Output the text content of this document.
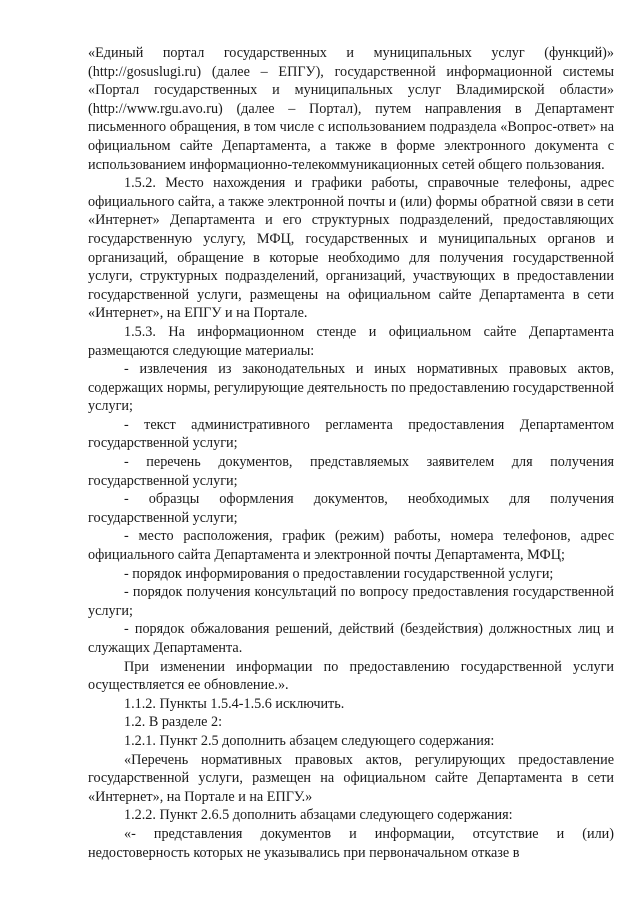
«Единый портал государственных и муниципальных услуг (функций)» (http://gosuslugi.ru) (далее – ЕПГУ), государственной информационной системы «Портал государственных и муниципальных услуг Владимирской области» (http://www.rgu.avo.ru) (далее – Портал), путем направления в Департамент письменного обращения, в том числе с использованием подраздела «Вопрос-ответ» на официальном сайте Департамента, а также в форме электронного документа с использованием информационно-телекоммуникационных сетей общего пользования.

1.5.2. Место нахождения и графики работы, справочные телефоны, адрес официального сайта, а также электронной почты и (или) формы обратной связи в сети «Интернет» Департамента и его структурных подразделений, предоставляющих государственную услугу, МФЦ, государственных и муниципальных органов и организаций, обращение в которые необходимо для получения государственной услуги, структурных подразделений, организаций, участвующих в предоставлении государственной услуги, размещены на официальном сайте Департамента в сети «Интернет», на ЕПГУ и на Портале.

1.5.3. На информационном стенде и официальном сайте Департамента размещаются следующие материалы:

- извлечения из законодательных и иных нормативных правовых актов, содержащих нормы, регулирующие деятельность по предоставлению государственной услуги;

- текст административного регламента предоставления Департаментом государственной услуги;

- перечень документов, представляемых заявителем для получения государственной услуги;

- образцы оформления документов, необходимых для получения государственной услуги;

- место расположения, график (режим) работы, номера телефонов, адрес официального сайта Департамента и электронной почты Департамента, МФЦ;

- порядок информирования о предоставлении государственной услуги;

- порядок получения консультаций по вопросу предоставления государственной услуги;

- порядок обжалования решений, действий (бездействия) должностных лиц и служащих Департамента.

При изменении информации по предоставлению государственной услуги осуществляется ее обновление.».

1.1.2. Пункты 1.5.4-1.5.6 исключить.

1.2. В разделе 2:

1.2.1. Пункт 2.5 дополнить абзацем следующего содержания:

«Перечень нормативных правовых актов, регулирующих предоставление государственной услуги, размещен на официальном сайте Департамента в сети «Интернет», на Портале и на ЕПГУ.»

1.2.2. Пункт 2.6.5 дополнить абзацами следующего содержания:

«- представления документов и информации, отсутствие и (или) недостоверность которых не указывались при первоначальном отказе в
